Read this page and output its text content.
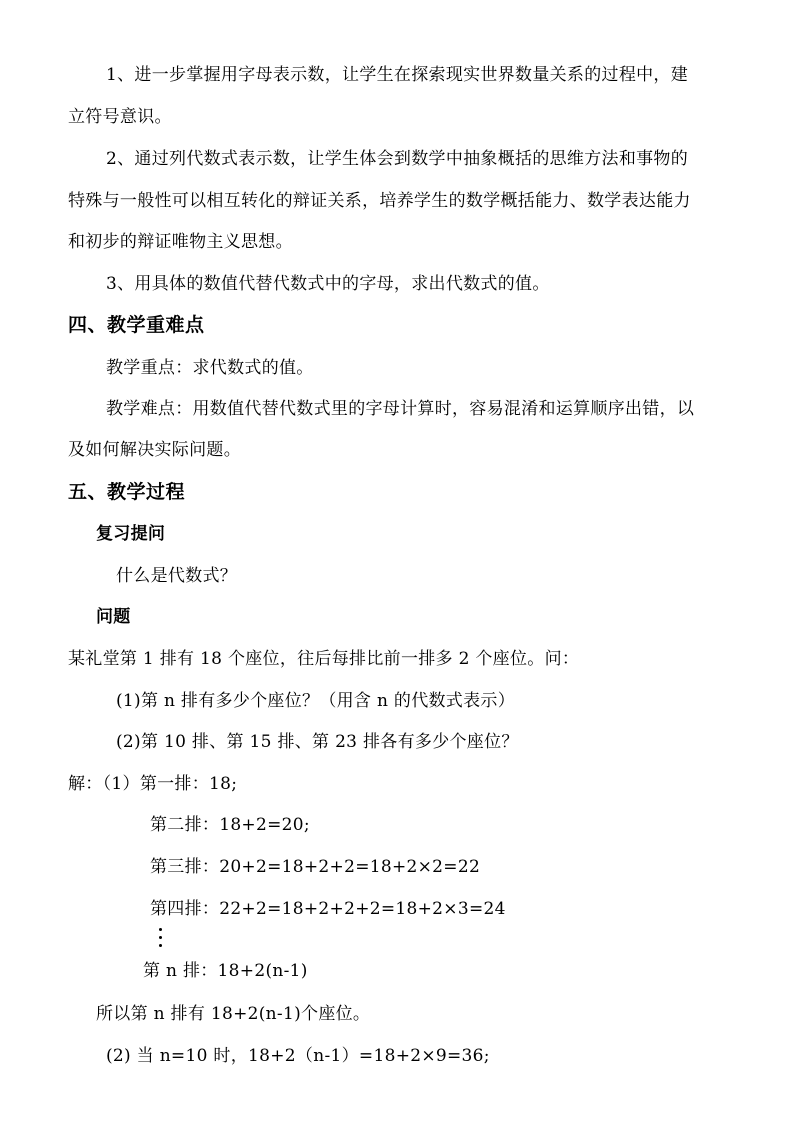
1、进一步掌握用字母表示数，让学生在探索现实世界数量关系的过程中，建
立符号意识。
2、通过列代数式表示数，让学生体会到数学中抽象概括的思维方法和事物的
特殊与一般性可以相互转化的辩证关系，培养学生的数学概括能力、数学表达能力
和初步的辩证唯物主义思想。
3、用具体的数值代替代数式中的字母，求出代数式的值。
四、教学重难点
教学重点：求代数式的值。
教学难点：用数值代替代数式里的字母计算时，容易混淆和运算顺序出错，以
及如何解决实际问题。
五、教学过程
复习提问
什么是代数式？
问题
某礼堂第 1 排有 18 个座位，往后每排比前一排多 2 个座位。问：
(1)第 n 排有多少个座位？（用含 n 的代数式表示）
(2)第 10 排、第 15 排、第 23 排各有多少个座位？
解：（1）第一排：18;
第二排：18+2=20;
第三排：20+2=18+2+2=18+2×2=22
第四排：22+2=18+2+2+2=18+2×3=24
第 n 排：18+2(n-1)
所以第 n 排有 18+2(n-1)个座位。
(2) 当 n=10 时，18+2（n-1）=18+2×9=36;
